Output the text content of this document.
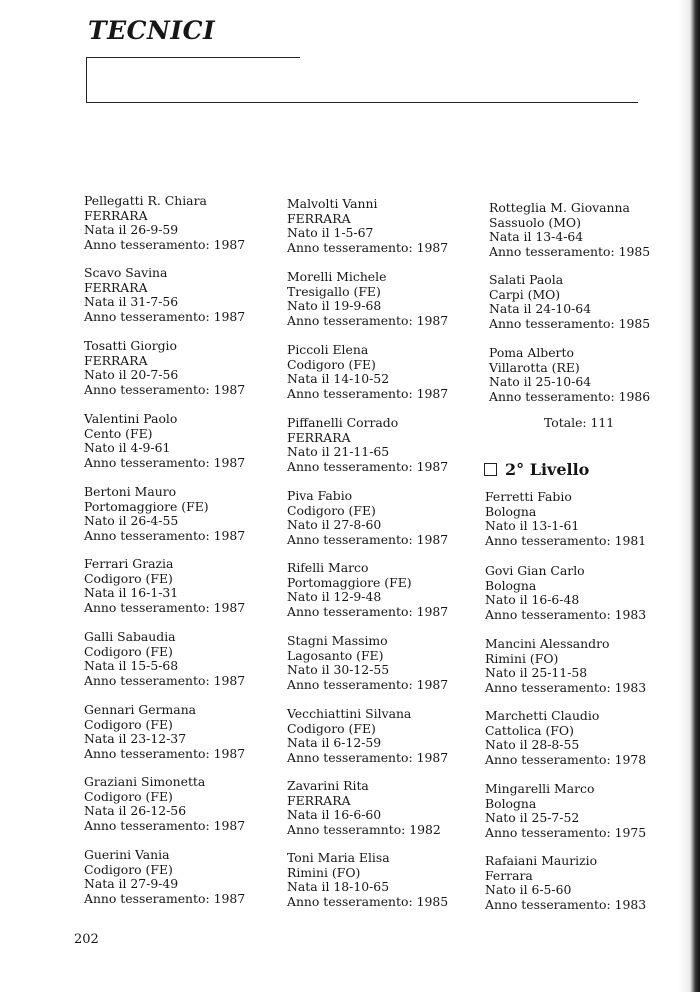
TECNICI
Pellegatti R. Chiara
FERRARA
Nata il 26-9-59
Anno tesseramento: 1987
Scavo Savina
FERRARA
Nata il 31-7-56
Anno tesseramento: 1987
Tosatti Giorgio
FERRARA
Nato il 20-7-56
Anno tesseramento: 1987
Valentini Paolo
Cento (FE)
Nato il 4-9-61
Anno tesseramento: 1987
Bertoni Mauro
Portomaggiore (FE)
Nato il 26-4-55
Anno tesseramento: 1987
Ferrari Grazia
Codigoro (FE)
Nata il 16-1-31
Anno tesseramento: 1987
Galli Sabaudia
Codigoro (FE)
Nata il 15-5-68
Anno tesseramento: 1987
Gennari Germana
Codigoro (FE)
Nata il 23-12-37
Anno tesseramento: 1987
Graziani Simonetta
Codigoro (FE)
Nata il 26-12-56
Anno tesseramento: 1987
Guerini Vania
Codigoro (FE)
Nata il 27-9-49
Anno tesseramento: 1987
Malvolti Vanni
FERRARA
Nato il 1-5-67
Anno tesseramento: 1987
Morelli Michele
Tresigallo (FE)
Nato il 19-9-68
Anno tesseramento: 1987
Piccoli Elena
Codigoro (FE)
Nata il 14-10-52
Anno tesseramento: 1987
Piffanelli Corrado
FERRARA
Nato il 21-11-65
Anno tesseramento: 1987
Piva Fabio
Codigoro (FE)
Nato il 27-8-60
Anno tesseramento: 1987
Rifelli Marco
Portomaggiore (FE)
Nato il 12-9-48
Anno tesseramento: 1987
Stagni Massimo
Lagosanto (FE)
Nato il 30-12-55
Anno tesseramento: 1987
Vecchiattini Silvana
Codigoro (FE)
Nata il 6-12-59
Anno tesseramento: 1987
Zavarini Rita
FERRARA
Nata il 16-6-60
Anno tesseramnto: 1982
Toni Maria Elisa
Rimini (FO)
Nata il 18-10-65
Anno tesseramento: 1985
Rotteglia M. Giovanna
Sassuolo (MO)
Nata il 13-4-64
Anno tesseramento: 1985
Salati Paola
Carpi (MO)
Nata il 24-10-64
Anno tesseramento: 1985
Poma Alberto
Villarotta (RE)
Nato il 25-10-64
Anno tesseramento: 1986
Ferretti Fabio
Bologna
Nato il 13-1-61
Anno tesseramento: 1981
Govi Gian Carlo
Bologna
Nato il 16-6-48
Anno tesseramento: 1983
Mancini Alessandro
Rimini (FO)
Nato il 25-11-58
Anno tesseramento: 1983
Marchetti Claudio
Cattolica (FO)
Nato il 28-8-55
Anno tesseramento: 1978
Mingarelli Marco
Bologna
Nato il 25-7-52
Anno tesseramento: 1975
Rafaiani Maurizio
Ferrara
Nato il 6-5-60
Anno tesseramento: 1983
Totale: 111
2° Livello
202
